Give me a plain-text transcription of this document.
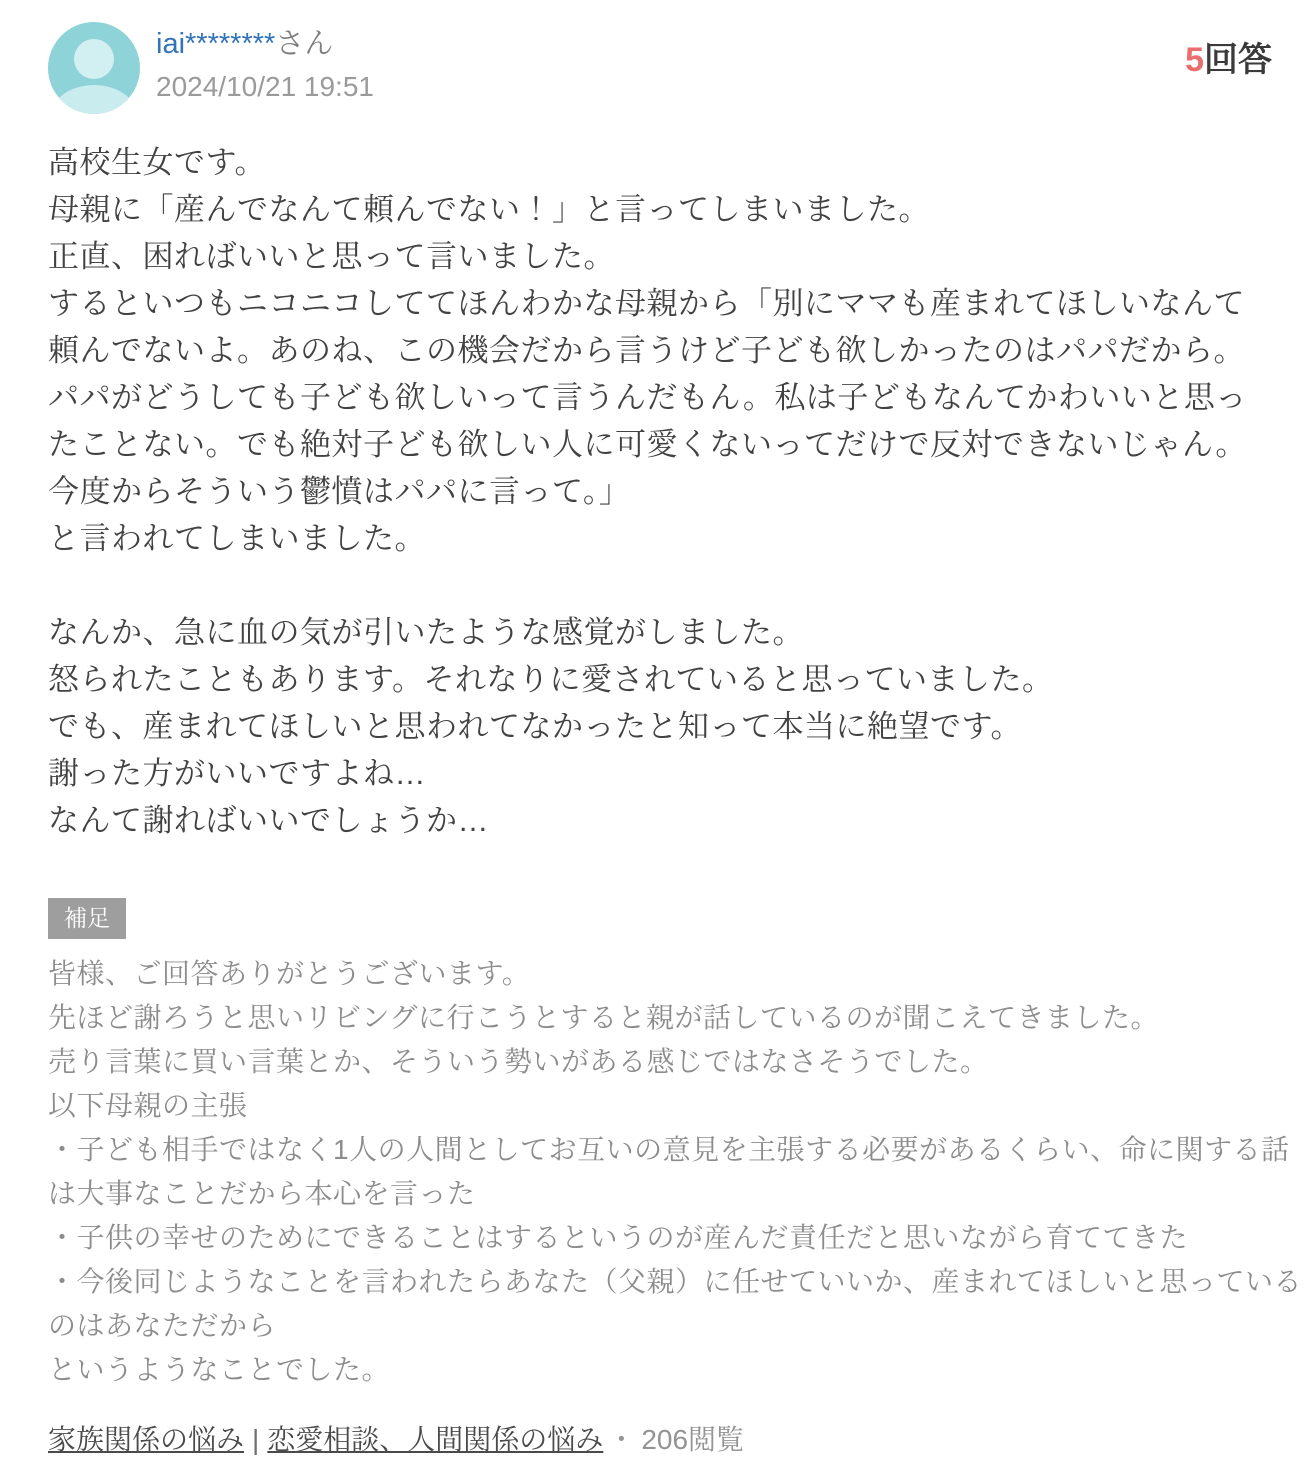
iai********さん
2024/10/21 19:51
5回答
高校生女です。
母親に「産んでなんて頼んでない！」と言ってしまいました。
正直、困ればいいと思って言いました。
するといつもニコニコしててほんわかな母親から「別にママも産まれてほしいなんて
頼んでないよ。あのね、この機会だから言うけど子ども欲しかったのはパパだから。
パパがどうしても子ども欲しいって言うんだもん。私は子どもなんてかわいいと思っ
たことない。でも絶対子ども欲しい人に可愛くないってだけで反対できないじゃん。
今度からそういう鬱憤はパパに言って。」
と言われてしまいました。
なんか、急に血の気が引いたような感覚がしました。
怒られたこともあります。それなりに愛されていると思っていました。
でも、産まれてほしいと思われてなかったと知って本当に絶望です。
謝った方がいいですよね…
なんて謝ればいいでしょうか…
補足
皆様、ご回答ありがとうございます。
先ほど謝ろうと思いリビングに行こうとすると親が話しているのが聞こえてきました。
売り言葉に買い言葉とか、そういう勢いがある感じではなさそうでした。
以下母親の主張
・子ども相手ではなく1人の人間としてお互いの意見を主張する必要があるくらい、命に関する話
は大事なことだから本心を言った
・子供の幸せのためにできることはするというのが産んだ責任だと思いながら育ててきた
・今後同じようなことを言われたらあなた（父親）に任せていいか、産まれてほしいと思っている
のはあなただから
というようなことでした。
家族関係の悩み | 恋愛相談、人間関係の悩み ・ 206閲覧
